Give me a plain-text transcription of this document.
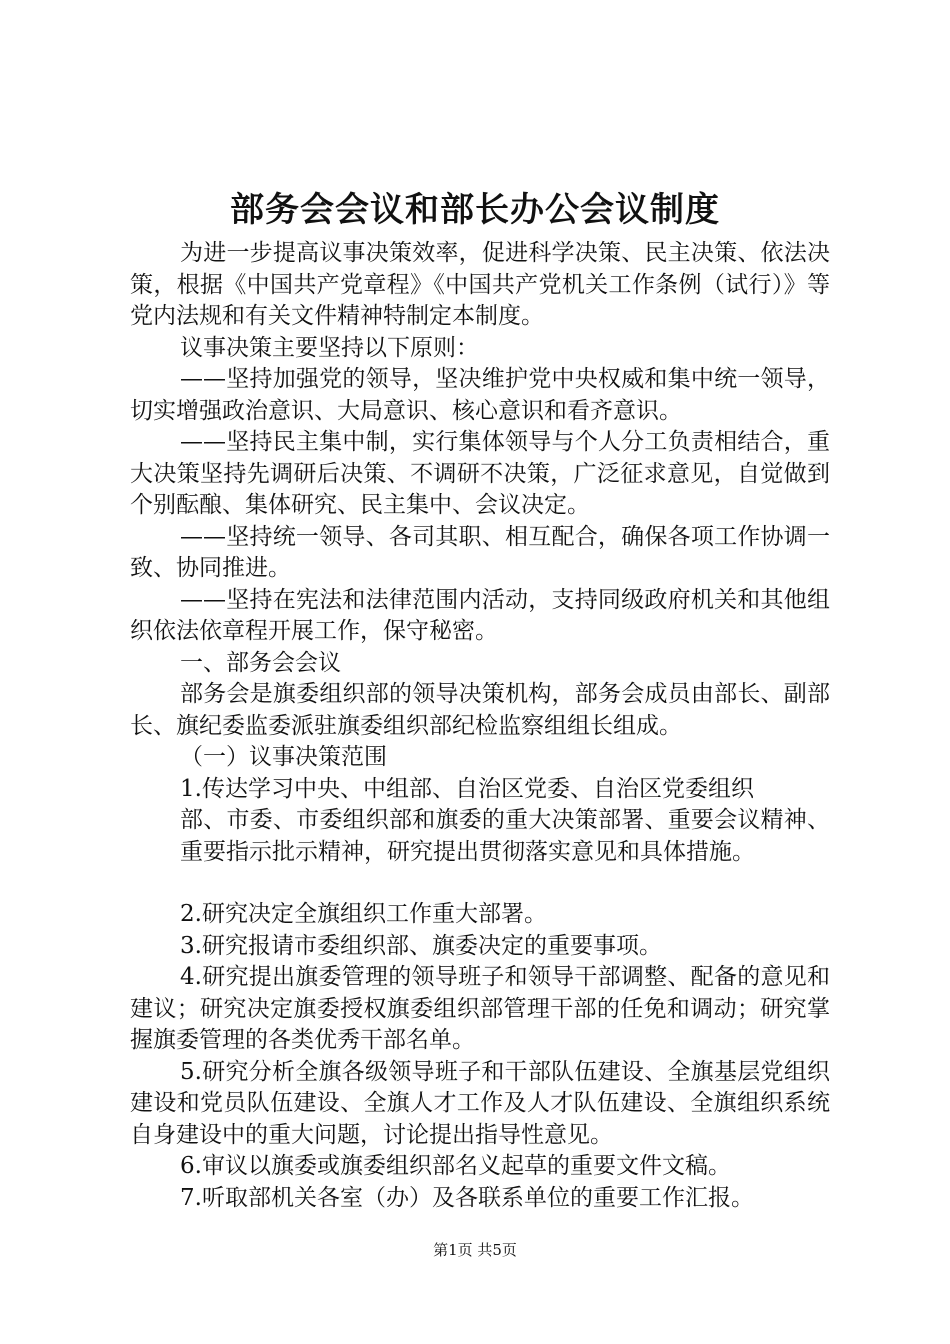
部务会会议和部长办公会议制度

为进一步提高议事决策效率，促进科学决策、民主决策、依法决策，根据《中国共产党章程》《中国共产党机关工作条例（试行）》等党内法规和有关文件精神特制定本制度。

议事决策主要坚持以下原则：

——坚持加强党的领导，坚决维护党中央权威和集中统一领导，切实增强政治意识、大局意识、核心意识和看齐意识。

——坚持民主集中制，实行集体领导与个人分工负责相结合，重大决策坚持先调研后决策、不调研不决策，广泛征求意见，自觉做到个别酝酿、集体研究、民主集中、会议决定。

——坚持统一领导、各司其职、相互配合，确保各项工作协调一致、协同推进。

——坚持在宪法和法律范围内活动，支持同级政府机关和其他组织依法依章程开展工作，保守秘密。

一、部务会会议

部务会是旗委组织部的领导决策机构，部务会成员由部长、副部长、旗纪委监委派驻旗委组织部纪检监察组组长组成。

（一）议事决策范围

1.传达学习中央、中组部、自治区党委、自治区党委组织

部、市委、市委组织部和旗委的重大决策部署、重要会议精神、重要指示批示精神，研究提出贯彻落实意见和具体措施。

2.研究决定全旗组织工作重大部署。

3.研究报请市委组织部、旗委决定的重要事项。

4.研究提出旗委管理的领导班子和领导干部调整、配备的意见和建议；研究决定旗委授权旗委组织部管理干部的任免和调动；研究掌握旗委管理的各类优秀干部名单。

5.研究分析全旗各级领导班子和干部队伍建设、全旗基层党组织建设和党员队伍建设、全旗人才工作及人才队伍建设、全旗组织系统自身建设中的重大问题，讨论提出指导性意见。

6.审议以旗委或旗委组织部名义起草的重要文件文稿。

7.听取部机关各室（办）及各联系单位的重要工作汇报。

第1页 共5页
